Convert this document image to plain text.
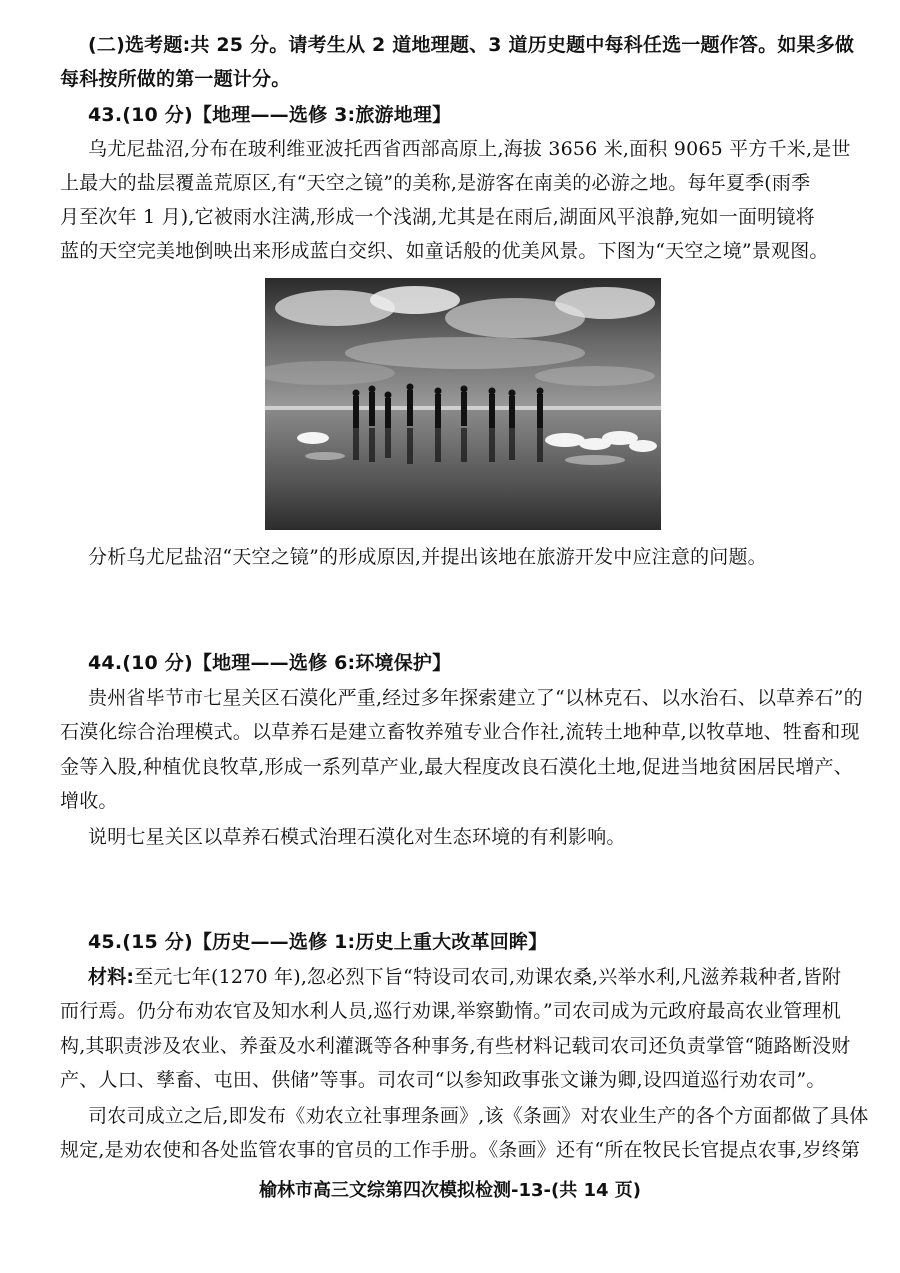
(二)选考题:共 25 分。请考生从 2 道地理题、3 道历史题中每科任选一题作答。如果多做
每科按所做的第一题计分。
43.(10 分)【地理——选修 3:旅游地理】
乌尤尼盐沼,分布在玻利维亚波托西省西部高原上,海拔 3656 米,面积 9065 平方千米,是世
上最大的盐层覆盖荒原区,有“天空之镜”的美称,是游客在南美的必游之地。每年夏季(雨季
月至次年 1 月),它被雨水注满,形成一个浅湖,尤其是在雨后,湖面风平浪静,宛如一面明镜将
蓝的天空完美地倒映出来形成蓝白交织、如童话般的优美风景。下图为“天空之境”景观图。
分析乌尤尼盐沼“天空之镜”的形成原因,并提出该地在旅游开发中应注意的问题。
44.(10 分)【地理——选修 6:环境保护】
贵州省毕节市七星关区石漠化严重,经过多年探索建立了“以林克石、以水治石、以草养石”的
石漠化综合治理模式。以草养石是建立畜牧养殖专业合作社,流转土地种草,以牧草地、牲畜和现
金等入股,种植优良牧草,形成一系列草产业,最大程度改良石漠化土地,促进当地贫困居民增产、
增收。
说明七星关区以草养石模式治理石漠化对生态环境的有利影响。
45.(15 分)【历史——选修 1:历史上重大改革回眸】
材料:至元七年(1270 年),忽必烈下旨“特设司农司,劝课农桑,兴举水利,凡滋养栽种者,皆附
而行焉。仍分布劝农官及知水利人员,巡行劝课,举察勤惰。”司农司成为元政府最高农业管理机
构,其职责涉及农业、养蚕及水利灌溉等各种事务,有些材料记载司农司还负责掌管“随路断没财
产、人口、孳畜、屯田、供储”等事。司农司“以参知政事张文谦为卿,设四道巡行劝农司”。
司农司成立之后,即发布《劝农立社事理条画》,该《条画》对农业生产的各个方面都做了具体
规定,是劝农使和各处监管农事的官员的工作手册。《条画》还有“所在牧民长官提点农事,岁终第
榆林市高三文综第四次模拟检测-13-(共 14 页)
